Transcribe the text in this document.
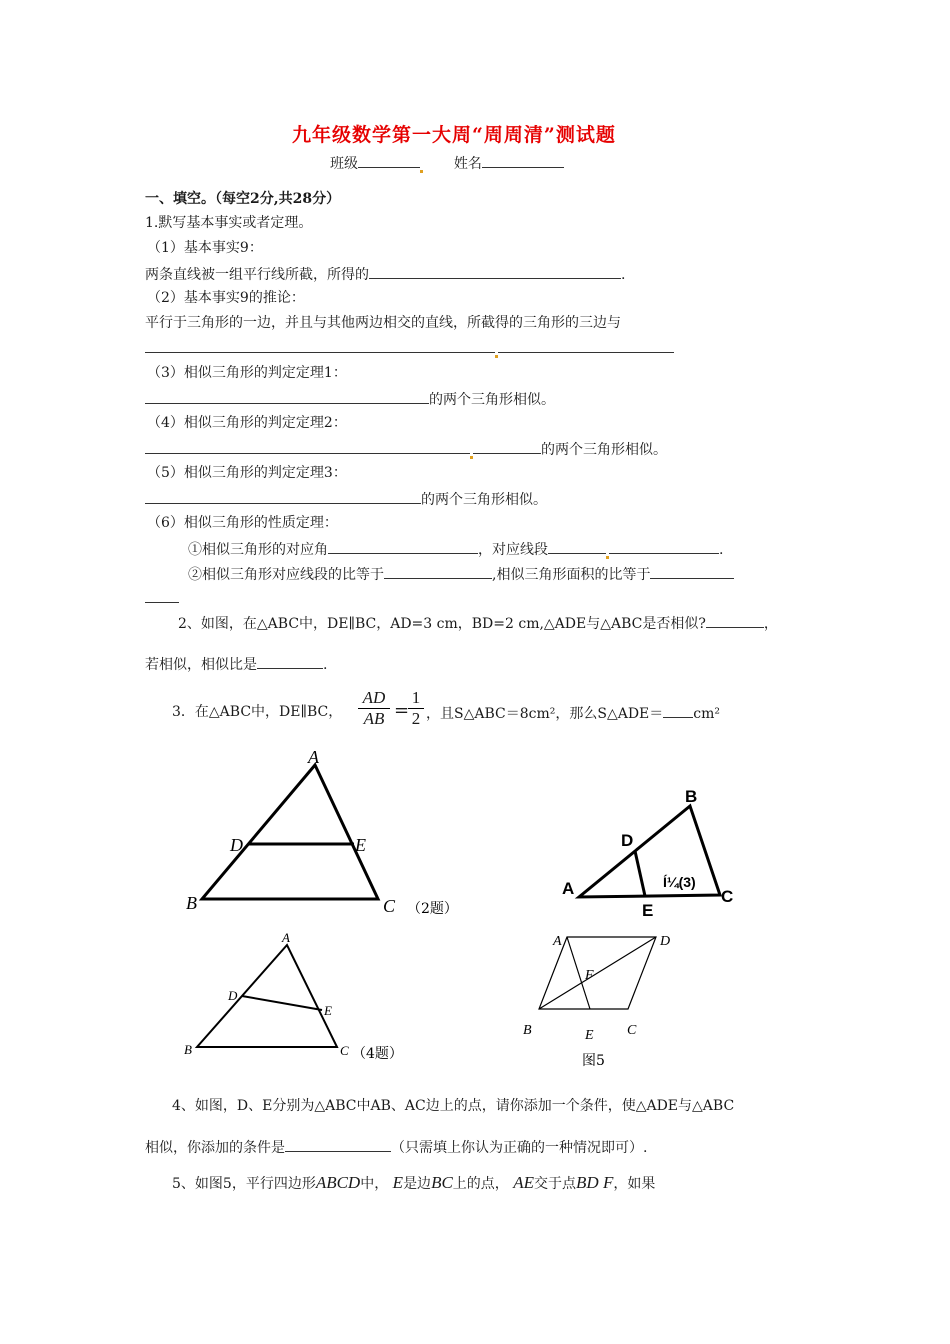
九年级数学第一大周“周周清”测试题
班级	姓名
一、填空。（每空2分,共28分）
1.默写基本事实或者定理。
（1）基本事实9：
两条直线被一组平行线所截，所得的	.
（2）基本事实9的推论：
平行于三角形的一边，并且与其他两边相交的直线，所截得的三角形的三边与
（3）相似三角形的判定定理1：
的两个三角形相似。
（4）相似三角形的判定定理2：
的两个三角形相似。
（5）相似三角形的判定定理3：
的两个三角形相似。
（6）相似三角形的性质定理：
①相似三角形的对应角	，对应线段	.
②相似三角形对应线段的比等于	,相似三角形面积的比等于
2、如图，在△ABC中，DE∥BC，AD=3 cm，BD=2 cm,△ADE与△ABC是否相似?	，
若相似，相似比是	.
3．在△ABC中，DE∥BC， $\frac{AD}{AB}$ =
$\frac{1}{2}$ ，且S△ABC＝8cm²，那么S△ADE＝ cm²
A
D	E
B	C （2题）
B
D
A
E
C
Í¼(3)
A
D
E
B	C （4题）
A	D
F
B	E C
图5
4、如图，D、E分别为△ABC中AB、AC边上的点，请你添加一个条件，使△ADE与△ABC
相似，你添加的条件是	（只需填上你认为正确的一种情况即可）.
5、如图5，平行四边形ABCD中， E是边BC上的点， AE交于点BD F，如果
